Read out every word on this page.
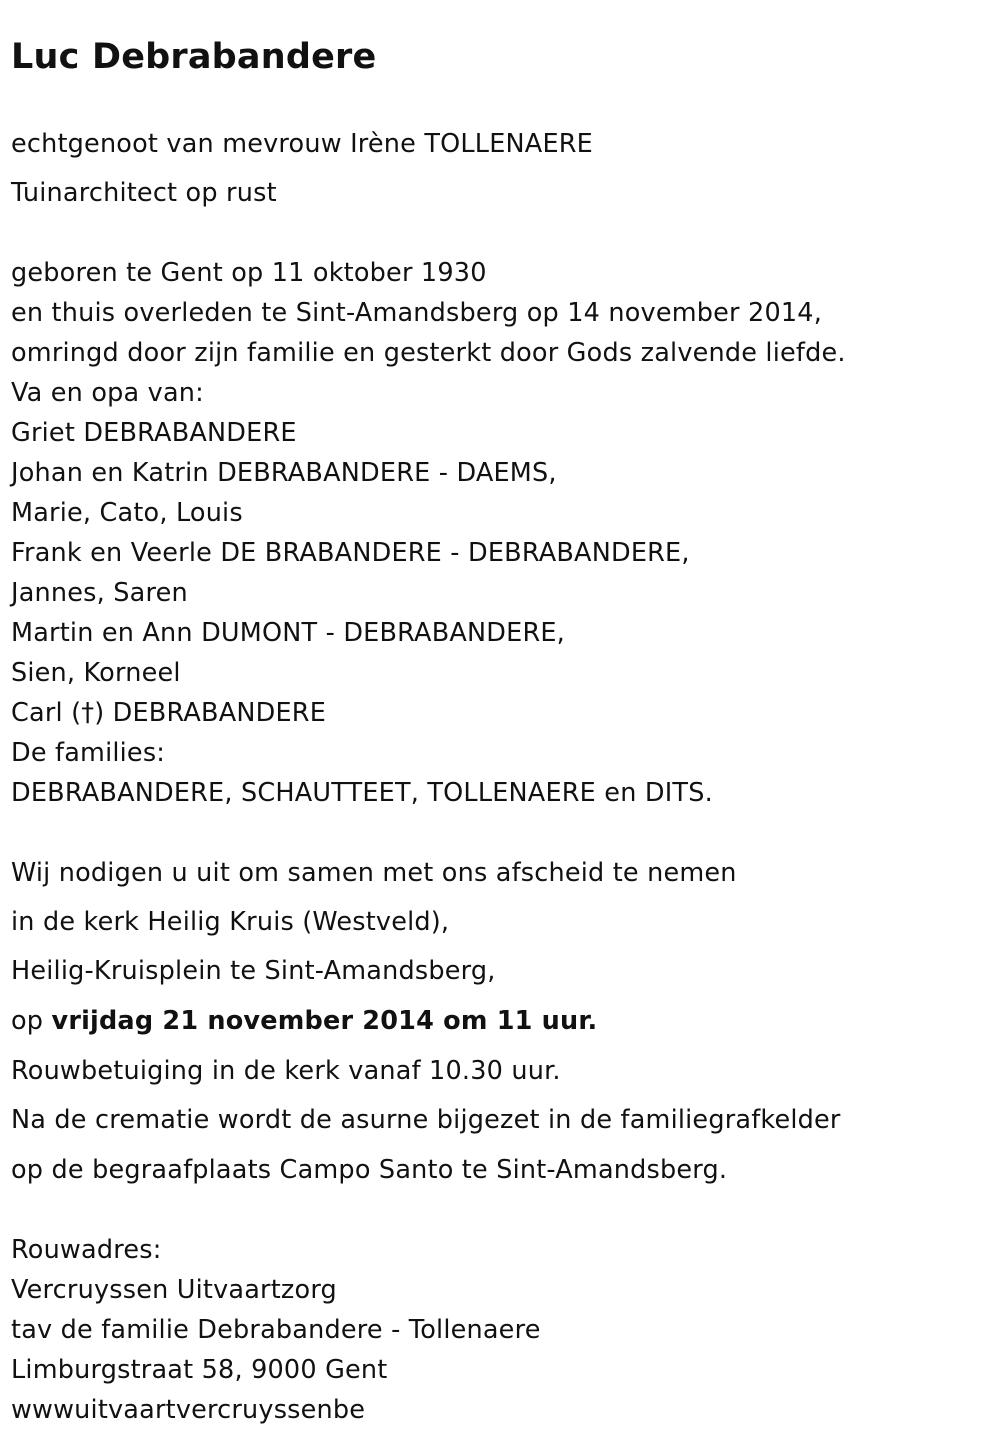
Luc Debrabandere

echtgenoot van mevrouw Irène TOLLENAERE

Tuinarchitect op rust

geboren te Gent op 11 oktober 1930

en thuis overleden te Sint-Amandsberg op 14 november 2014,

omringd door zijn familie en gesterkt door Gods zalvende liefde.

Va en opa van:

Griet DEBRABANDERE

Johan en Katrin DEBRABANDERE - DAEMS,

Marie, Cato, Louis

Frank en Veerle DE BRABANDERE - DEBRABANDERE,

Jannes, Saren

Martin en Ann DUMONT - DEBRABANDERE,

Sien, Korneel

Carl (†) DEBRABANDERE

De families:

DEBRABANDERE, SCHAUTTEET, TOLLENAERE en DITS.

Wij nodigen u uit om samen met ons afscheid te nemen

in de kerk Heilig Kruis (Westveld),

Heilig-Kruisplein te Sint-Amandsberg,

op vrijdag 21 november 2014 om 11 uur.

Rouwbetuiging in de kerk vanaf 10.30 uur.

Na de crematie wordt de asurne bijgezet in de familiegrafkelder

op de begraafplaats Campo Santo te Sint-Amandsberg.

Rouwadres:

Vercruyssen Uitvaartzorg

tav de familie Debrabandere - Tollenaere

Limburgstraat 58, 9000 Gent

wwwuitvaartvercruyssenbe
